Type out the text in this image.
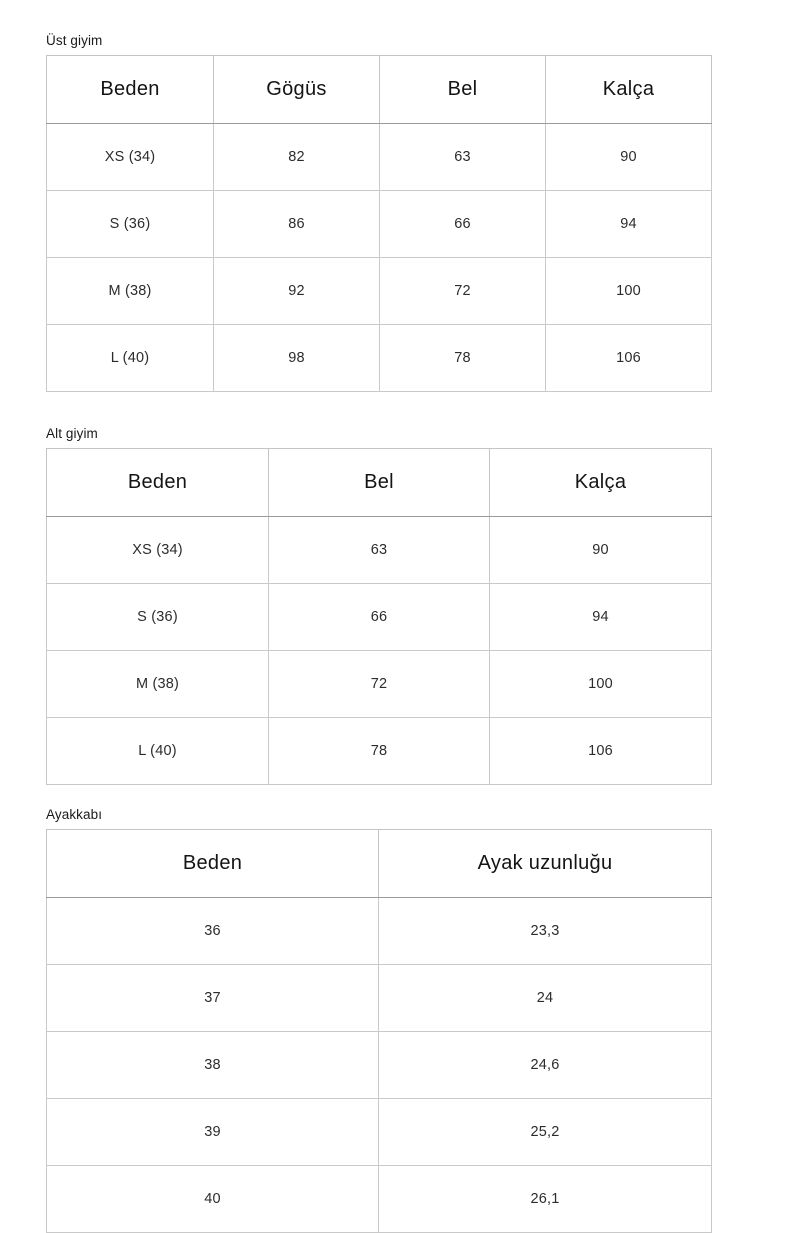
Üst giyim
Beden	Gögüs	Bel	Kalça
XS (34)	82	63	90
S (36)	86	66	94
M (38)	92	72	100
L (40)	98	78	106
Alt giyim
Beden	Bel	Kalça
XS (34)	63	90
S (36)	66	94
M (38)	72	100
L (40)	78	106
Ayakkabı
Beden	Ayak uzunluğu
36	23,3
37	24
38	24,6
39	25,2
40	26,1
